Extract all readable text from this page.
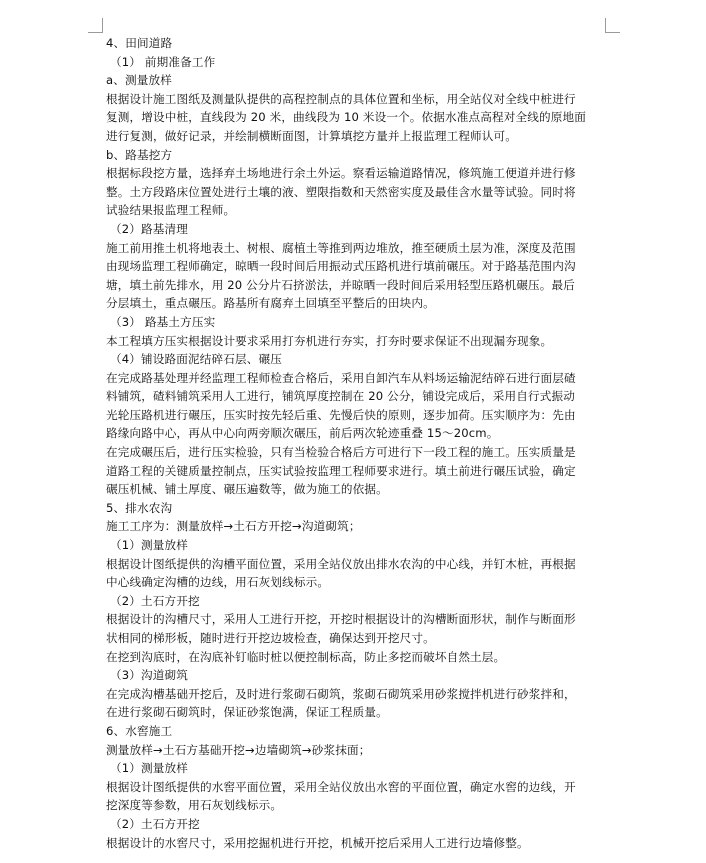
4、田间道路
（1） 前期准备工作
a、测量放样
根据设计施工图纸及测量队提供的高程控制点的具体位置和坐标，用全站仪对全线中桩进行
复测，增设中桩，直线段为 20 米，曲线段为 10 米设一个。依据水准点高程对全线的原地面
进行复测，做好记录，并绘制横断面图，计算填挖方量并上报监理工程师认可。
b、路基挖方
根据标段挖方量，选择弃土场地进行余土外运。察看运输道路情况，修筑施工便道并进行修
整。土方段路床位置处进行土壤的液、塑限指数和天然密实度及最佳含水量等试验。同时将
试验结果报监理工程师。
（2）路基清理
施工前用推土机将地表土、树根、腐植土等推到两边堆放，推至硬质土层为准，深度及范围
由现场监理工程师确定，晾晒一段时间后用振动式压路机进行填前碾压。对于路基范围内沟
塘，填土前先排水，用 20 公分片石挤淤法，并晾晒一段时间后采用轻型压路机碾压。最后
分层填土，重点碾压。路基所有腐弃土回填至平整后的田块内。
（3） 路基土方压实
本工程填方压实根据设计要求采用打夯机进行夯实，打夯时要求保证不出现漏夯现象。
（4）铺设路面泥结碎石层、碾压
在完成路基处理并经监理工程师检查合格后，采用自卸汽车从料场运输泥结碎石进行面层碴
料铺筑，碴料铺筑采用人工进行，铺筑厚度控制在 20 公分，铺设完成后，采用自行式振动
光轮压路机进行碾压，压实时按先轻后重、先慢后快的原则，逐步加荷。压实顺序为：先由
路缘向路中心，再从中心向两旁顺次碾压，前后两次轮迹重叠 15～20cm。
在完成碾压后，进行压实检验，只有当检验合格后方可进行下一段工程的施工。压实质量是
道路工程的关键质量控制点，压实试验按监理工程师要求进行。填土前进行碾压试验，确定
碾压机械、铺土厚度、碾压遍数等，做为施工的依据。
5、排水农沟
施工工序为：测量放样→土石方开挖→沟道砌筑；
（1）测量放样
根据设计图纸提供的沟槽平面位置，采用全站仪放出排水农沟的中心线，并钉木桩，再根据
中心线确定沟槽的边线，用石灰划线标示。
（2）土石方开挖
根据设计的沟槽尺寸，采用人工进行开挖，开挖时根据设计的沟槽断面形状，制作与断面形
状相同的梯形板，随时进行开挖边坡检查，确保达到开挖尺寸。
在挖到沟底时，在沟底补钉临时桩以便控制标高，防止多挖而破坏自然土层。
（3）沟道砌筑
在完成沟槽基础开挖后，及时进行浆砌石砌筑，浆砌石砌筑采用砂浆搅拌机进行砂浆拌和，
在进行浆砌石砌筑时，保证砂浆饱满，保证工程质量。
6、水窖施工
测量放样→土石方基础开挖→边墙砌筑→砂浆抹面；
（1）测量放样
根据设计图纸提供的水窖平面位置，采用全站仪放出水窖的平面位置，确定水窖的边线，开
挖深度等参数，用石灰划线标示。
（2）土石方开挖
根据设计的水窖尺寸，采用挖掘机进行开挖，机械开挖后采用人工进行边墙修整。
